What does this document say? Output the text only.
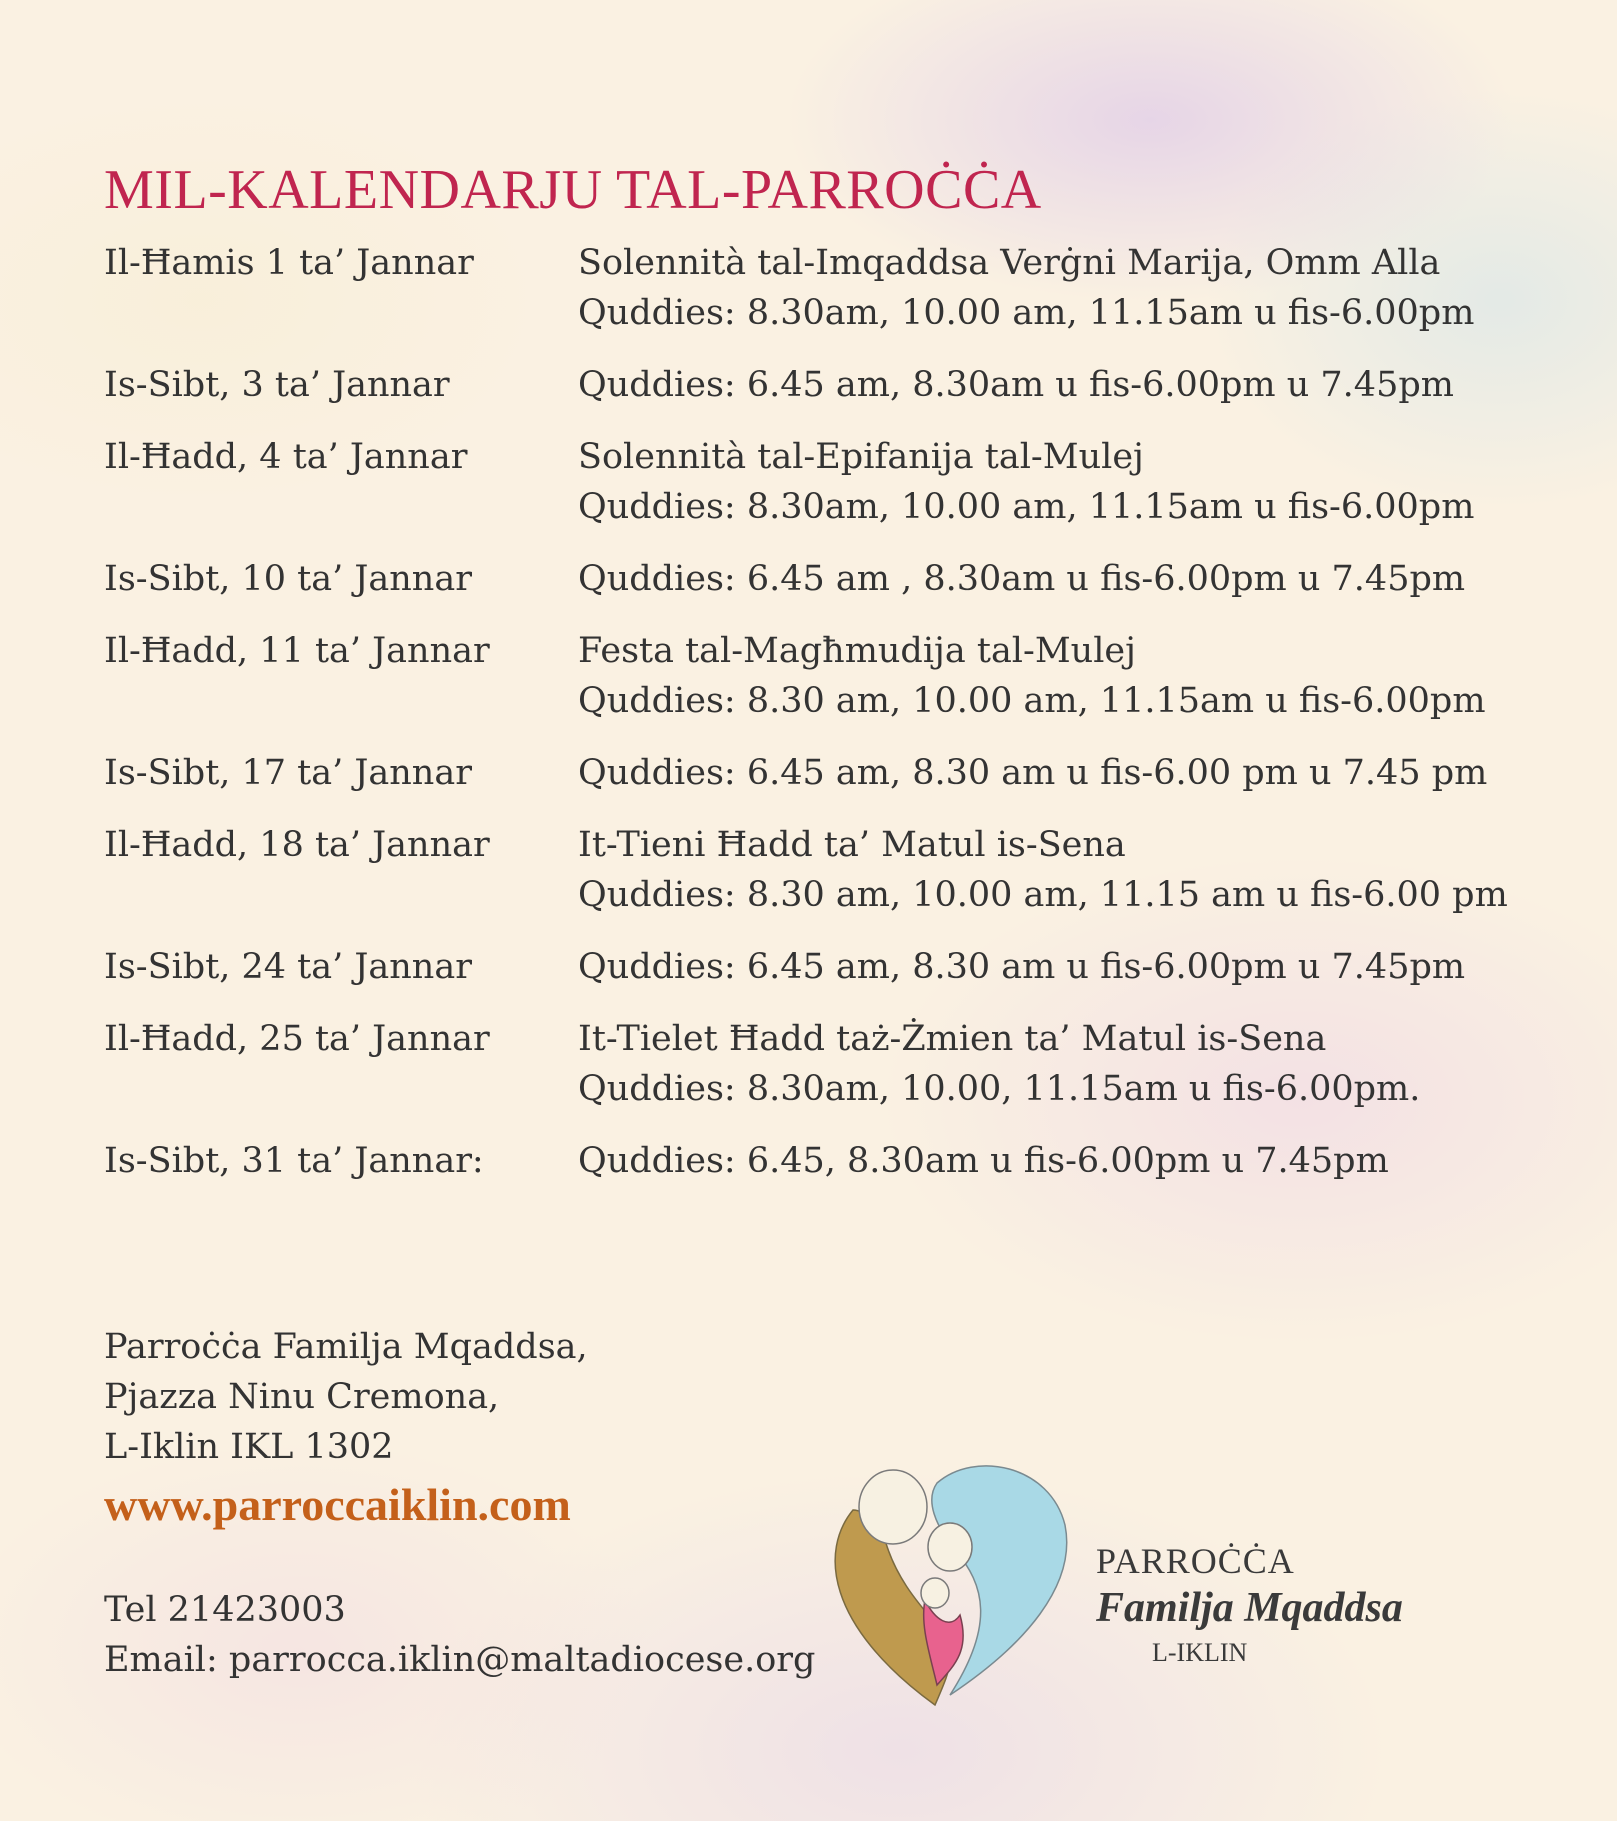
MIL-KALENDARJU TAL-PARROĊĊA
Il-Ħamis 1 ta’ Jannar	Solennità tal-Imqaddsa Verġni Marija, Omm Alla
Quddies: 8.30am, 10.00 am, 11.15am u fis-6.00pm
Is-Sibt, 3 ta’ Jannar	Quddies: 6.45 am, 8.30am u fis-6.00pm u 7.45pm
Il-Ħadd, 4 ta’ Jannar	Solennità tal-Epifanija tal-Mulej
Quddies: 8.30am, 10.00 am, 11.15am u fis-6.00pm
Is-Sibt, 10 ta’ Jannar	Quddies: 6.45 am , 8.30am u fis-6.00pm u 7.45pm
Il-Ħadd, 11 ta’ Jannar	Festa tal-Magħmudija tal-Mulej
Quddies: 8.30 am, 10.00 am, 11.15am u fis-6.00pm
Is-Sibt, 17 ta’ Jannar	Quddies: 6.45 am, 8.30 am u fis-6.00 pm u 7.45 pm
Il-Ħadd, 18 ta’ Jannar	It-Tieni Ħadd ta’ Matul is-Sena
Quddies: 8.30 am, 10.00 am, 11.15 am u fis-6.00 pm
Is-Sibt, 24 ta’ Jannar	Quddies: 6.45 am, 8.30 am u fis-6.00pm u 7.45pm
Il-Ħadd, 25 ta’ Jannar	It-Tielet Ħadd taż-Żmien ta’ Matul is-Sena
Quddies: 8.30am, 10.00, 11.15am u fis-6.00pm.
Is-Sibt, 31 ta’ Jannar:	Quddies: 6.45, 8.30am u fis-6.00pm u 7.45pm
Parroċċa Familja Mqaddsa,
Pjazza Ninu Cremona,
L-Iklin IKL 1302
www.parroccaiklin.com
Tel 21423003
Email: parrocca.iklin@maltadiocese.org
PARROĊĊA
Familja Mqaddsa
L-IKLIN
